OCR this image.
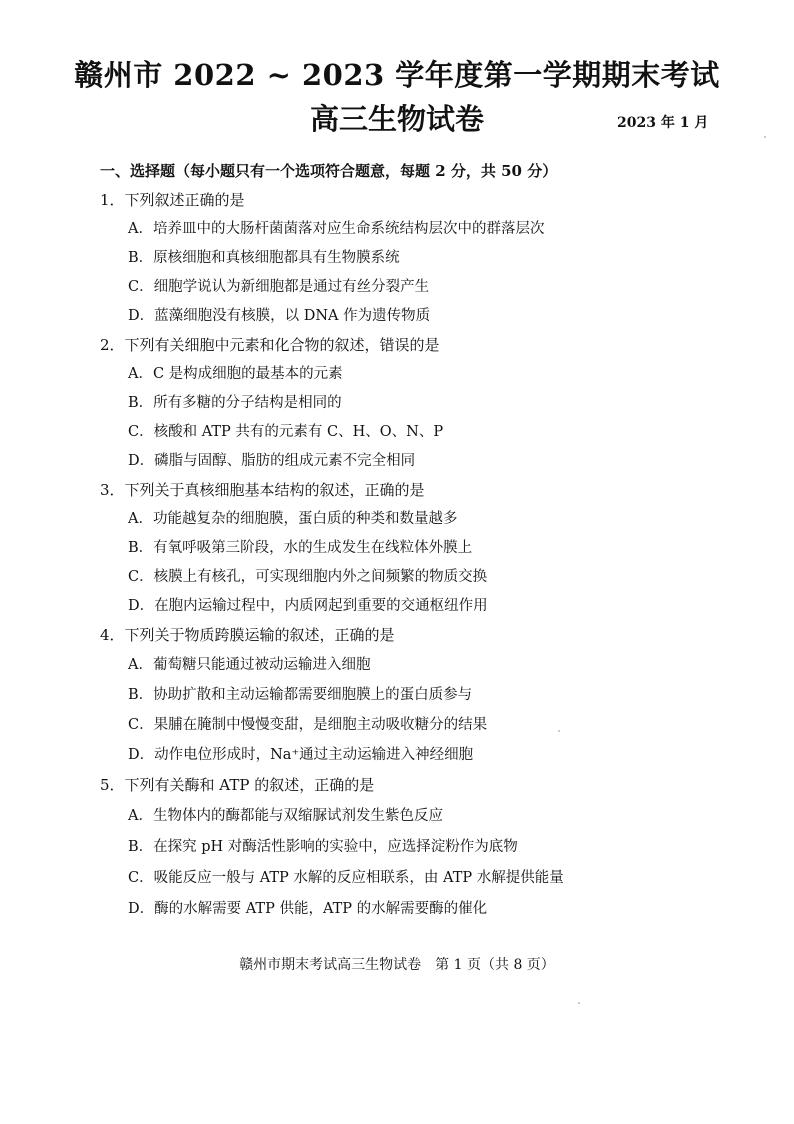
赣州市 2022 ~ 2023 学年度第一学期期末考试
高三生物试卷	2023 年 1 月
一、选择题（每小题只有一个选项符合题意，每题 2 分，共 50 分）
1．下列叙述正确的是
A．培养皿中的大肠杆菌菌落对应生命系统结构层次中的群落层次
B．原核细胞和真核细胞都具有生物膜系统
C．细胞学说认为新细胞都是通过有丝分裂产生
D．蓝藻细胞没有核膜，以 DNA 作为遗传物质
2．下列有关细胞中元素和化合物的叙述，错误的是
A．C 是构成细胞的最基本的元素
B．所有多糖的分子结构是相同的
C．核酸和 ATP 共有的元素有 C、H、O、N、P
D．磷脂与固醇、脂肪的组成元素不完全相同
3．下列关于真核细胞基本结构的叙述，正确的是
A．功能越复杂的细胞膜，蛋白质的种类和数量越多
B．有氧呼吸第三阶段，水的生成发生在线粒体外膜上
C．核膜上有核孔，可实现细胞内外之间频繁的物质交换
D．在胞内运输过程中，内质网起到重要的交通枢纽作用
4．下列关于物质跨膜运输的叙述，正确的是
A．葡萄糖只能通过被动运输进入细胞
B．协助扩散和主动运输都需要细胞膜上的蛋白质参与
C．果脯在腌制中慢慢变甜，是细胞主动吸收糖分的结果
D．动作电位形成时，Na⁺通过主动运输进入神经细胞
5．下列有关酶和 ATP 的叙述，正确的是
A．生物体内的酶都能与双缩脲试剂发生紫色反应
B．在探究 pH 对酶活性影响的实验中，应选择淀粉作为底物
C．吸能反应一般与 ATP 水解的反应相联系，由 ATP 水解提供能量
D．酶的水解需要 ATP 供能，ATP 的水解需要酶的催化
赣州市期末考试高三生物试卷　第 1 页（共 8 页）
